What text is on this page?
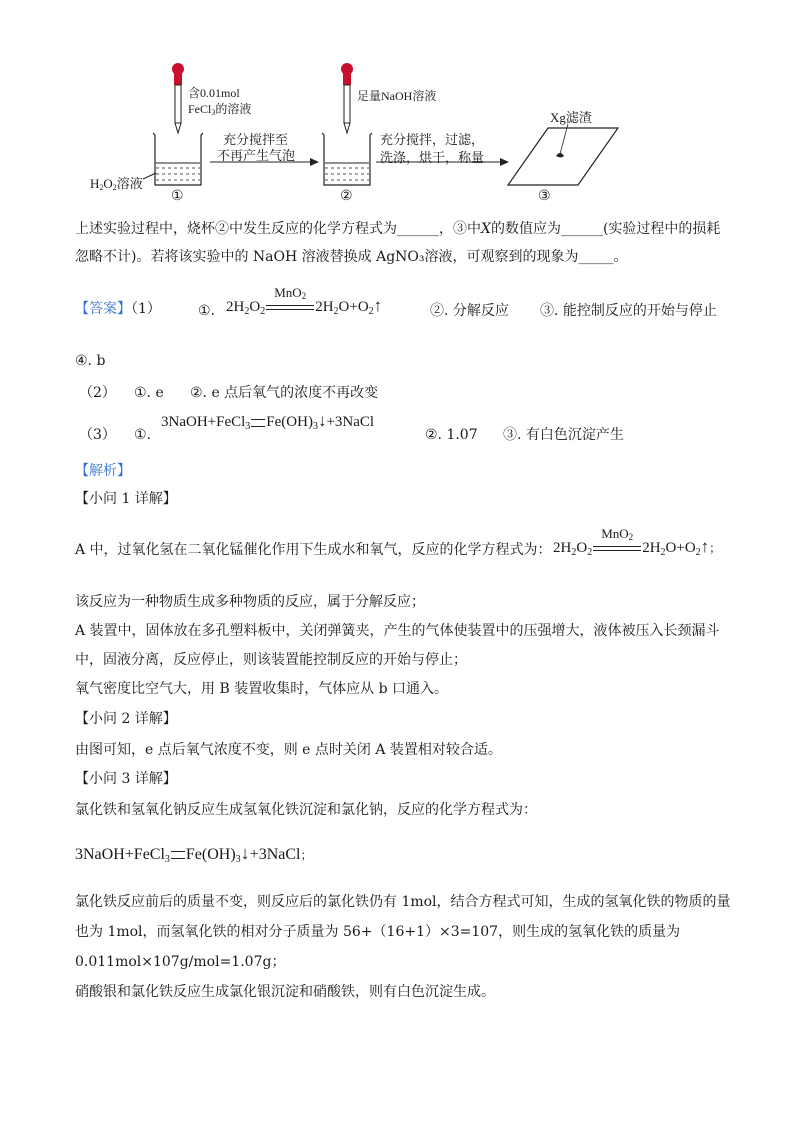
含0.01mol
FeCl$_3$的溶液
足量NaOH溶液
充分搅拌至
不再产生气泡
充分搅拌，过滤，
洗涤，烘干，称量
$H_2O_2$溶液
Xg滤渣
①	②	③
上述实验过程中，烧杯②中发生反应的化学方程式为______，③中X的数值应为______(实验过程中的损耗
忽略不计)。若将该实验中的 NaOH 溶液替换成 AgNO₃溶液，可观察到的现象为_____。
【答案】（1）	①. $2H_2O_2$
MnO$_2$
$2H_2O+O_2↑$	②. 分解反应 ③. 能控制反应的开始与停止
④. b
（2） ①. e ②. e 点后氧气的浓度不再改变
（3） ①.
3NaOH+FeCl$_3$ $Fe(OH)_3↓+3NaCl$
②. 1.07 ③. 有白色沉淀产生
【解析】
【小问 1 详解】
A 中，过氧化氢在二氧化锰催化作用下生成水和氧气，反应的化学方程式为： $2H_2O_2$
MnO$_2$
$2H_2O+O_2↑$；
该反应为一种物质生成多种物质的反应，属于分解反应；
A 装置中，固体放在多孔塑料板中，关闭弹簧夹，产生的气体使装置中的压强增大，液体被压入长颈漏斗
中，固液分离，反应停止，则该装置能控制反应的开始与停止；
氧气密度比空气大，用 B 装置收集时，气体应从 b 口通入。
【小问 2 详解】
由图可知，e 点后氧气浓度不变，则 e 点时关闭 A 装置相对较合适。
【小问 3 详解】
氯化铁和氢氧化钠反应生成氢氧化铁沉淀和氯化钠，反应的化学方程式为：
3NaOH+FeCl$_3$ $Fe(OH)_3↓+3NaCl$；
氯化铁反应前后的质量不变，则反应后的氯化铁仍有 1mol，结合方程式可知，生成的氢氧化铁的物质的量
也为 1mol，而氢氧化铁的相对分子质量为 56+（16+1）×3=107，则生成的氢氧化铁的质量为
0.011mol×107g/mol=1.07g；
硝酸银和氯化铁反应生成氯化银沉淀和硝酸铁，则有白色沉淀生成。
